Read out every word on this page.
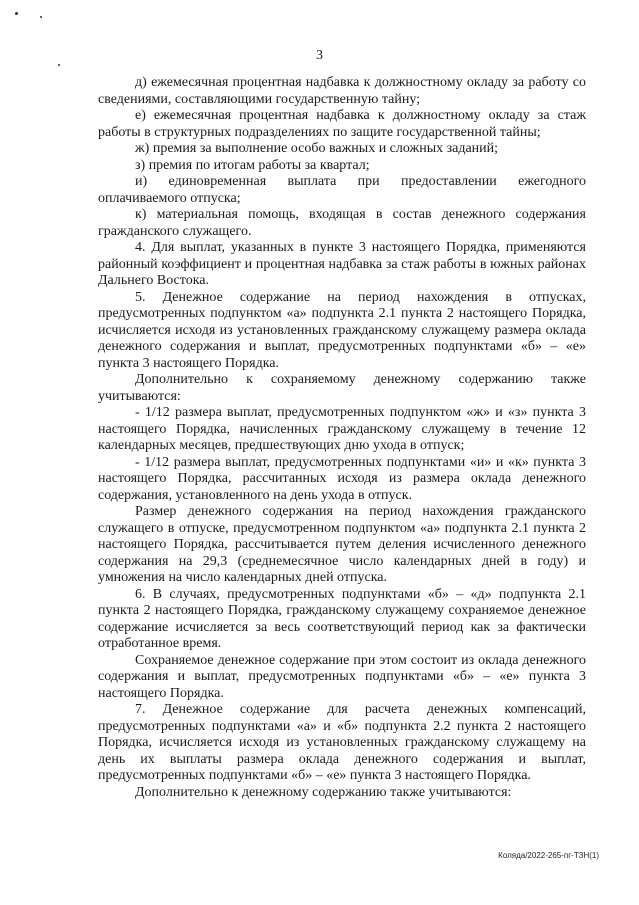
3

д) ежемесячная процентная надбавка к должностному окладу за работу со сведениями, составляющими государственную тайну;

е) ежемесячная процентная надбавка к должностному окладу за стаж работы в структурных подразделениях по защите государственной тайны;

ж) премия за выполнение особо важных и сложных заданий;

з) премия по итогам работы за квартал;

и) единовременная выплата при предоставлении ежегодного оплачиваемого отпуска;

к) материальная помощь, входящая в состав денежного содержания гражданского служащего.

4. Для выплат, указанных в пункте 3 настоящего Порядка, применяются районный коэффициент и процентная надбавка за стаж работы в южных районах Дальнего Востока.

5. Денежное содержание на период нахождения в отпусках, предусмотренных подпунктом «а» подпункта 2.1 пункта 2 настоящего Порядка, исчисляется исходя из установленных гражданскому служащему размера оклада денежного содержания и выплат, предусмотренных подпунктами «б» – «е» пункта 3 настоящего Порядка.

Дополнительно к сохраняемому денежному содержанию также учитываются:

- 1/12 размера выплат, предусмотренных подпунктом «ж» и «з» пункта 3 настоящего Порядка, начисленных гражданскому служащему в течение 12 календарных месяцев, предшествующих дню ухода в отпуск;

- 1/12 размера выплат, предусмотренных подпунктами «и» и «к» пункта 3 настоящего Порядка, рассчитанных исходя из размера оклада денежного содержания, установленного на день ухода в отпуск.

Размер денежного содержания на период нахождения гражданского служащего в отпуске, предусмотренном подпунктом «а» подпункта 2.1 пункта 2 настоящего Порядка, рассчитывается путем деления исчисленного денежного содержания на 29,3 (среднемесячное число календарных дней в году) и умножения на число календарных дней отпуска.

6. В случаях, предусмотренных подпунктами «б» – «д» подпункта 2.1 пункта 2 настоящего Порядка, гражданскому служащему сохраняемое денежное содержание исчисляется за весь соответствующий период как за фактически отработанное время.

Сохраняемое денежное содержание при этом состоит из оклада денежного содержания и выплат, предусмотренных подпунктами «б» – «е» пункта 3 настоящего Порядка.

7. Денежное содержание для расчета денежных компенсаций, предусмотренных подпунктами «а» и «б» подпункта 2.2 пункта 2 настоящего Порядка, исчисляется исходя из установленных гражданскому служащему на день их выплаты размера оклада денежного содержания и выплат, предусмотренных подпунктами «б» – «е» пункта 3 настоящего Порядка.

Дополнительно к денежному содержанию также учитываются:

Колядa/2022-265-пг-ТЗН(1)
